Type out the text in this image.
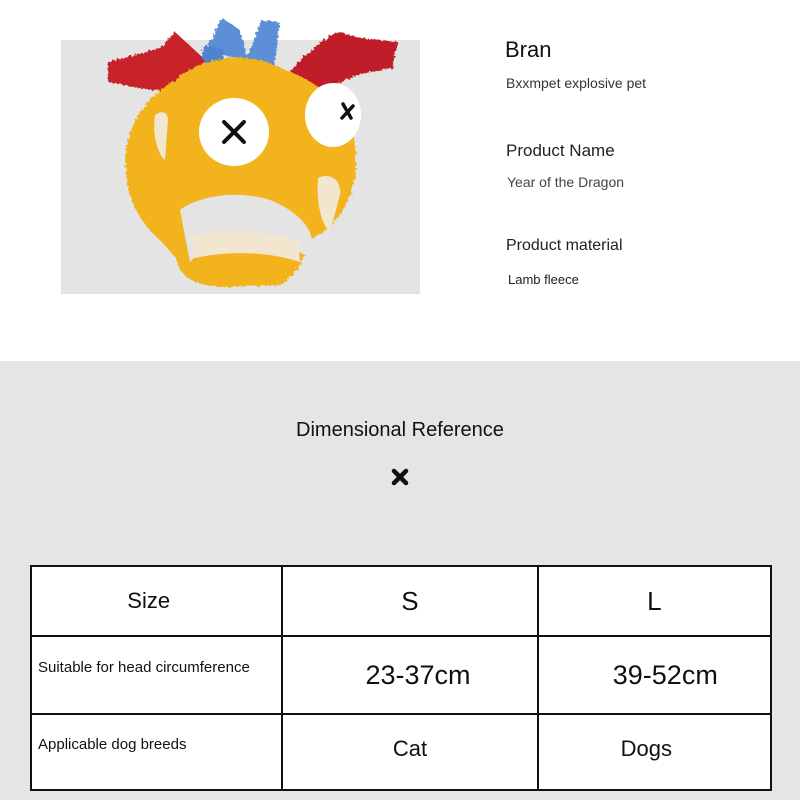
Bran
Bxxmpet explosive pet
Product Name
Year of the Dragon
Product material
Lamb fleece
Dimensional Reference
Size	S	L
Suitable for head circumference	23-37cm	39-52cm
Applicable dog breeds	Cat	Dogs
